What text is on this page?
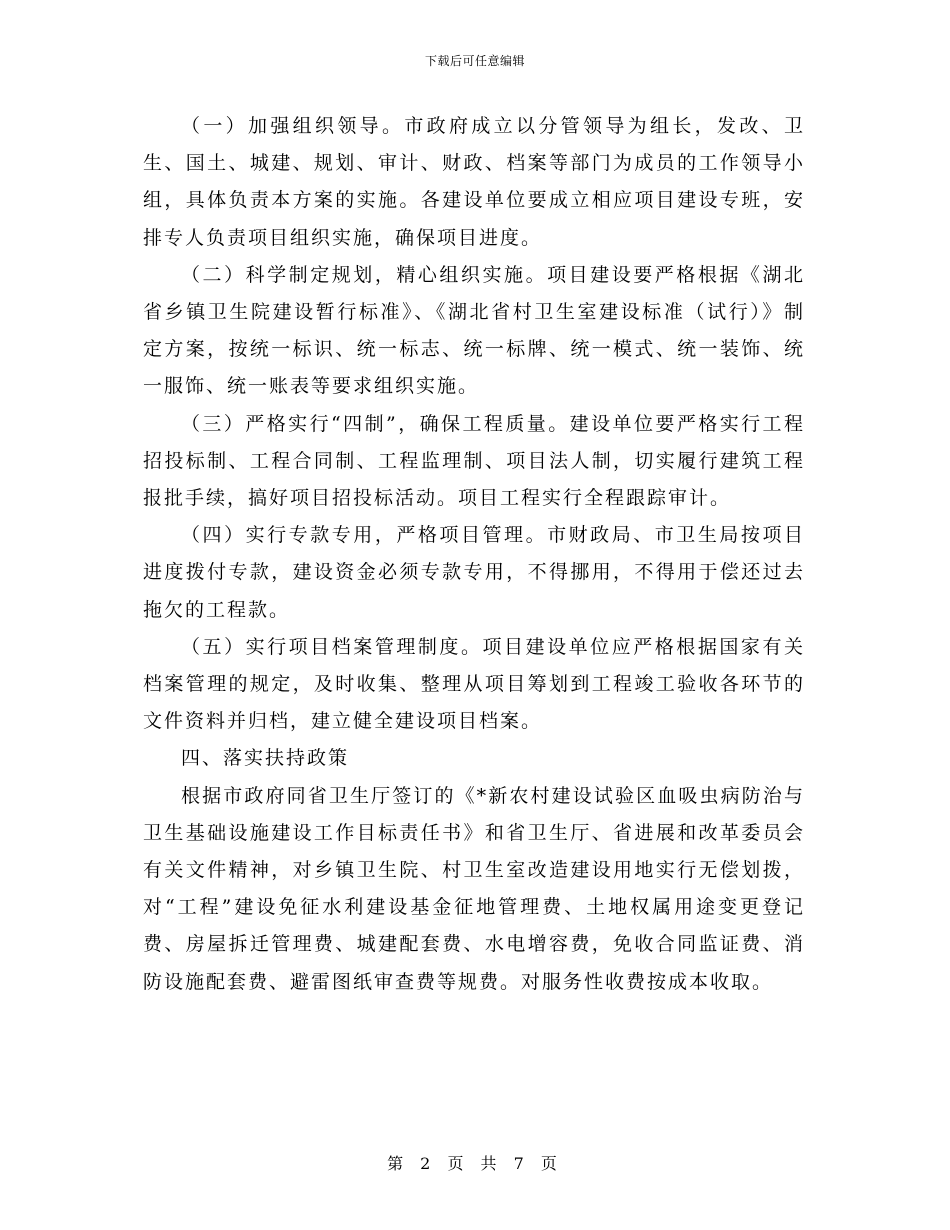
下载后可任意编辑

（一）加强组织领导。市政府成立以分管领导为组长，发改、卫生、国土、城建、规划、审计、财政、档案等部门为成员的工作领导小组，具体负责本方案的实施。各建设单位要成立相应项目建设专班，安排专人负责项目组织实施，确保项目进度。

（二）科学制定规划，精心组织实施。项目建设要严格根据《湖北省乡镇卫生院建设暂行标准》、《湖北省村卫生室建设标准（试行）》制定方案，按统一标识、统一标志、统一标牌、统一模式、统一装饰、统一服饰、统一账表等要求组织实施。

（三）严格实行“四制”，确保工程质量。建设单位要严格实行工程招投标制、工程合同制、工程监理制、项目法人制，切实履行建筑工程报批手续，搞好项目招投标活动。项目工程实行全程跟踪审计。

（四）实行专款专用，严格项目管理。市财政局、市卫生局按项目进度拨付专款，建设资金必须专款专用，不得挪用，不得用于偿还过去拖欠的工程款。

（五）实行项目档案管理制度。项目建设单位应严格根据国家有关档案管理的规定，及时收集、整理从项目筹划到工程竣工验收各环节的文件资料并归档，建立健全建设项目档案。

四、落实扶持政策

根据市政府同省卫生厅签订的《*新农村建设试验区血吸虫病防治与卫生基础设施建设工作目标责任书》和省卫生厅、省进展和改革委员会有关文件精神，对乡镇卫生院、村卫生室改造建设用地实行无偿划拨，对“工程”建设免征水利建设基金征地管理费、土地权属用途变更登记费、房屋拆迁管理费、城建配套费、水电增容费，免收合同监证费、消防设施配套费、避雷图纸审查费等规费。对服务性收费按成本收取。

第 2 页 共 7 页
